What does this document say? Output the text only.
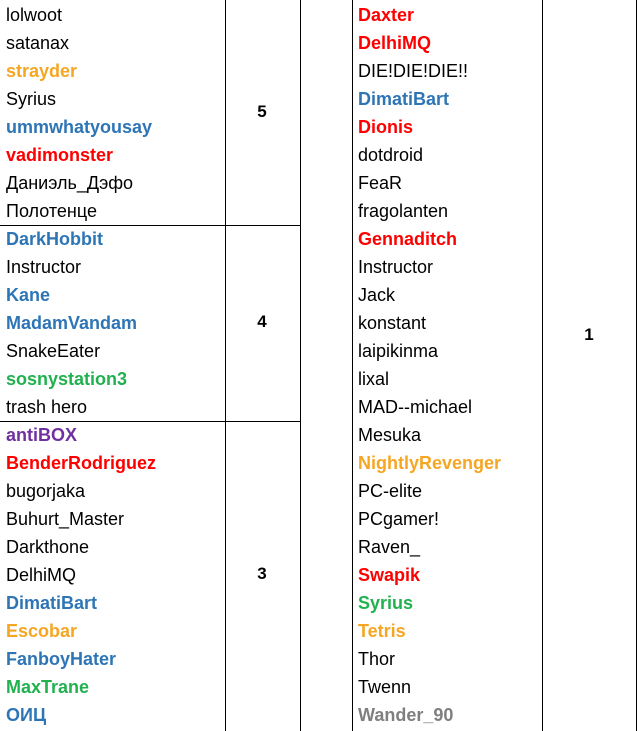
lolwoot
satanax
strayder
Syrius
ummwhatyousay
vadimonster
Даниэль_Дэфо
Полотенце
DarkHobbit
Instructor
Kane
MadamVandam
SnakeEater
sosnystation3
trash hero
antiBOX
BenderRodriguez
bugorjaka
Buhurt_Master
Darkthone
DelhiMQ
DimatiBart
Escobar
FanboyHater
MaxTrane
ОИЦ
5
4
3
Daxter
DelhiMQ
DIE!DIE!DIE!!
DimatiBart
Dionis
dotdroid
FeaR
fragolanten
Gennaditch
Instructor
Jack
konstant
laipikinma
lixal
MAD--michael
Mesuka
NightlyRevenger
PC-elite
PCgamer!
Raven_
Swapik
Syrius
Tetris
Thor
Twenn
Wander_90
1
